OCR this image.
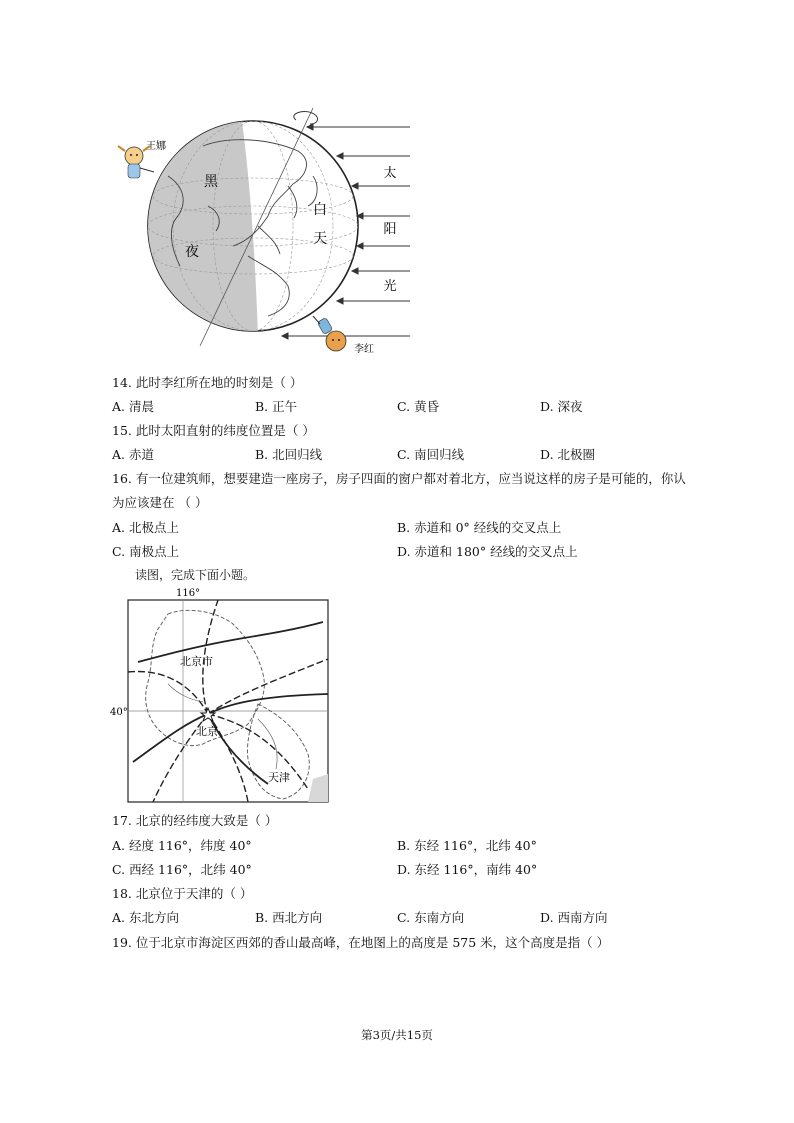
太
阳
光
黑
夜
白
天
王娜
李红
14. 此时李红所在地的时刻是（ ）
A. 清晨	B. 正午	C. 黄昏	D. 深夜
15. 此时太阳直射的纬度位置是（ ）
A. 赤道	B. 北回归线	C. 南回归线	D. 北极圈
16. 有一位建筑师，想要建造一座房子，房子四面的窗户都对着北方，应当说这样的房子是可能的，你认
为应该建在 （ ）
A. 北极点上	B. 赤道和 0° 经线的交叉点上
C. 南极点上	D. 赤道和 180° 经线的交叉点上
读图，完成下面小题。
116°
40°
北京市
北京
天津
17. 北京的经纬度大致是（ ）
A. 经度 116°，纬度 40°	B. 东经 116°，北纬 40°
C. 西经 116°，北纬 40°	D. 东经 116°，南纬 40°
18. 北京位于天津的（ ）
A. 东北方向	B. 西北方向	C. 东南方向	D. 西南方向
19. 位于北京市海淀区西郊的香山最高峰，在地图上的高度是 575 米，这个高度是指（ ）
第3页/共15页
